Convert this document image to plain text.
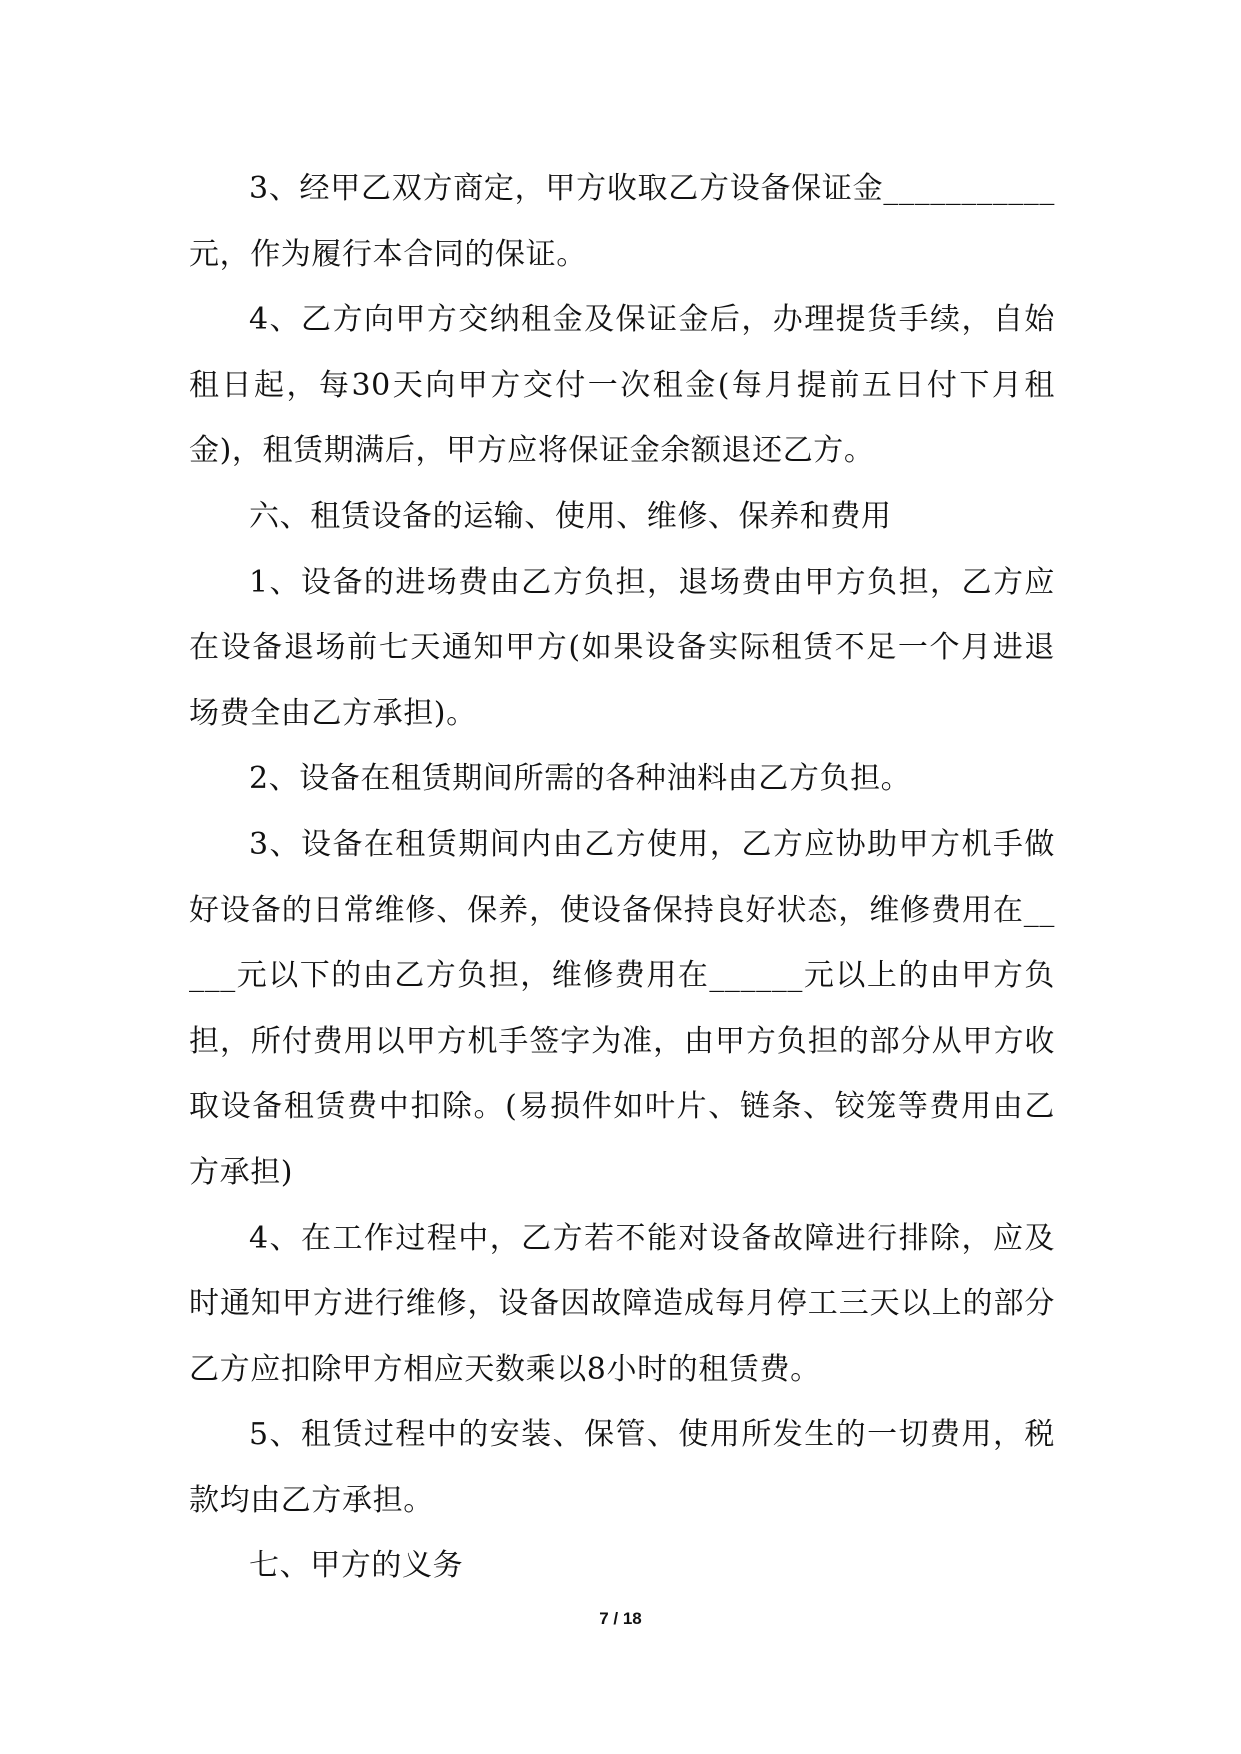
3、经甲乙双方商定，甲方收取乙方设备保证金___________元，作为履行本合同的保证。

4、乙方向甲方交纳租金及保证金后，办理提货手续，自始租日起，每30天向甲方交付一次租金(每月提前五日付下月租金)，租赁期满后，甲方应将保证金余额退还乙方。

六、租赁设备的运输、使用、维修、保养和费用

1、设备的进场费由乙方负担，退场费由甲方负担，乙方应在设备退场前七天通知甲方(如果设备实际租赁不足一个月进退场费全由乙方承担)。

2、设备在租赁期间所需的各种油料由乙方负担。

3、设备在租赁期间内由乙方使用，乙方应协助甲方机手做好设备的日常维修、保养，使设备保持良好状态，维修费用在_____元以下的由乙方负担，维修费用在______元以上的由甲方负担，所付费用以甲方机手签字为准，由甲方负担的部分从甲方收取设备租赁费中扣除。(易损件如叶片、链条、铰笼等费用由乙方承担)

4、在工作过程中，乙方若不能对设备故障进行排除，应及时通知甲方进行维修，设备因故障造成每月停工三天以上的部分乙方应扣除甲方相应天数乘以8小时的租赁费。

5、租赁过程中的安装、保管、使用所发生的一切费用，税款均由乙方承担。

七、甲方的义务

7 / 18
